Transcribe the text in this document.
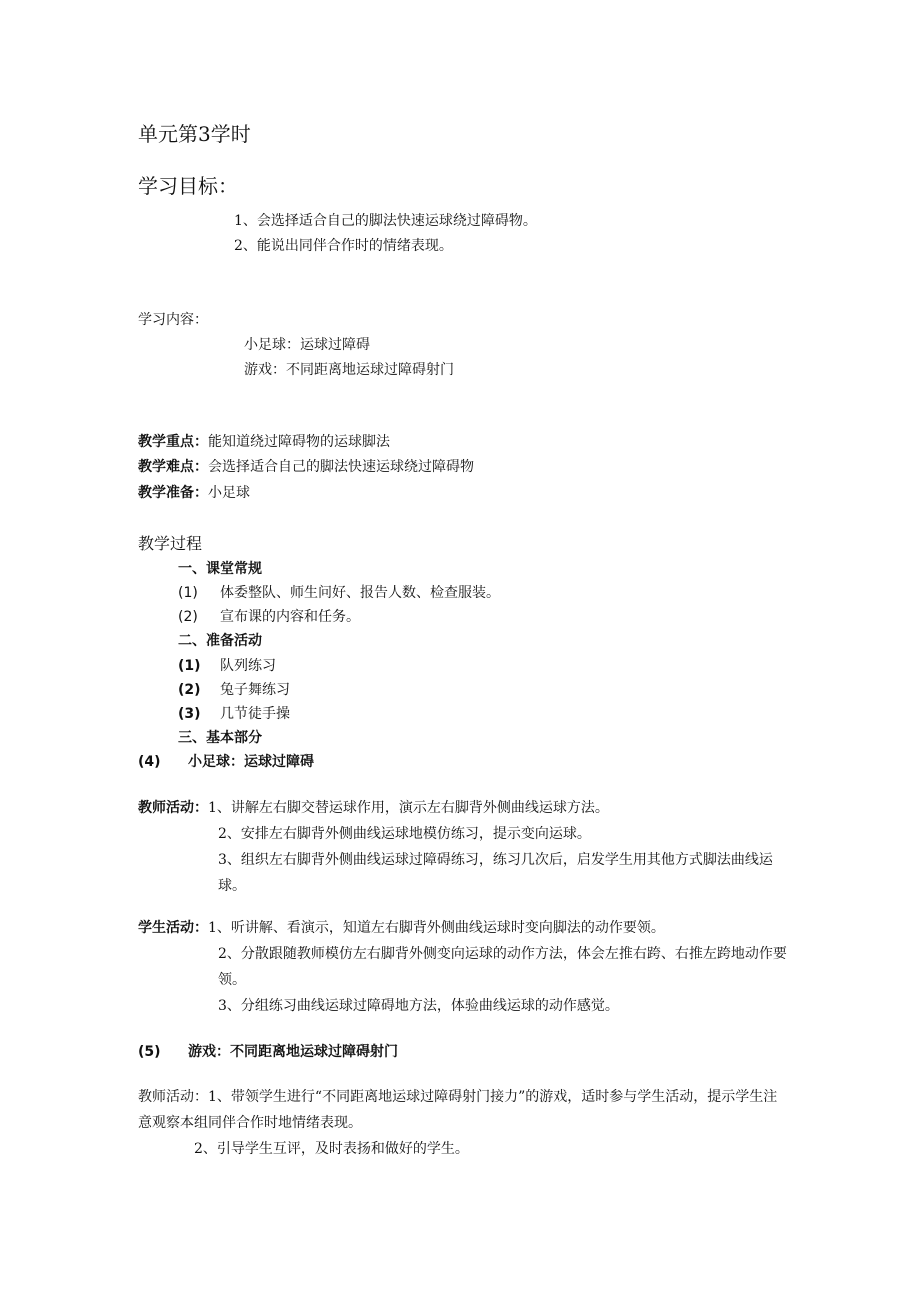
单元第3学时
学习目标：
1、会选择适合自己的脚法快速运球绕过障碍物。
2、能说出同伴合作时的情绪表现。
学习内容：
小足球：运球过障碍
游戏：不同距离地运球过障碍射门
教学重点：能知道绕过障碍物的运球脚法
教学难点：会选择适合自己的脚法快速运球绕过障碍物
教学准备：小足球
教学过程
一、课堂常规
(1) 体委整队、师生问好、报告人数、检查服装。
(2) 宣布课的内容和任务。
二、准备活动
(1) 队列练习
(2) 兔子舞练习
(3) 几节徒手操
三、基本部分
(4) 小足球：运球过障碍
教师活动：1、讲解左右脚交替运球作用，演示左右脚背外侧曲线运球方法。
2、安排左右脚背外侧曲线运球地模仿练习，提示变向运球。
3、组织左右脚背外侧曲线运球过障碍练习，练习几次后，启发学生用其他方式脚法曲线运球。
学生活动：1、听讲解、看演示，知道左右脚背外侧曲线运球时变向脚法的动作要领。
2、分散跟随教师模仿左右脚背外侧变向运球的动作方法，体会左推右跨、右推左跨地动作要领。
3、分组练习曲线运球过障碍地方法，体验曲线运球的动作感觉。
(5) 游戏：不同距离地运球过障碍射门
教师活动：1、带领学生进行“不同距离地运球过障碍射门接力”的游戏，适时参与学生活动，提示学生注意观察本组同伴合作时地情绪表现。
2、引导学生互评，及时表扬和做好的学生。
